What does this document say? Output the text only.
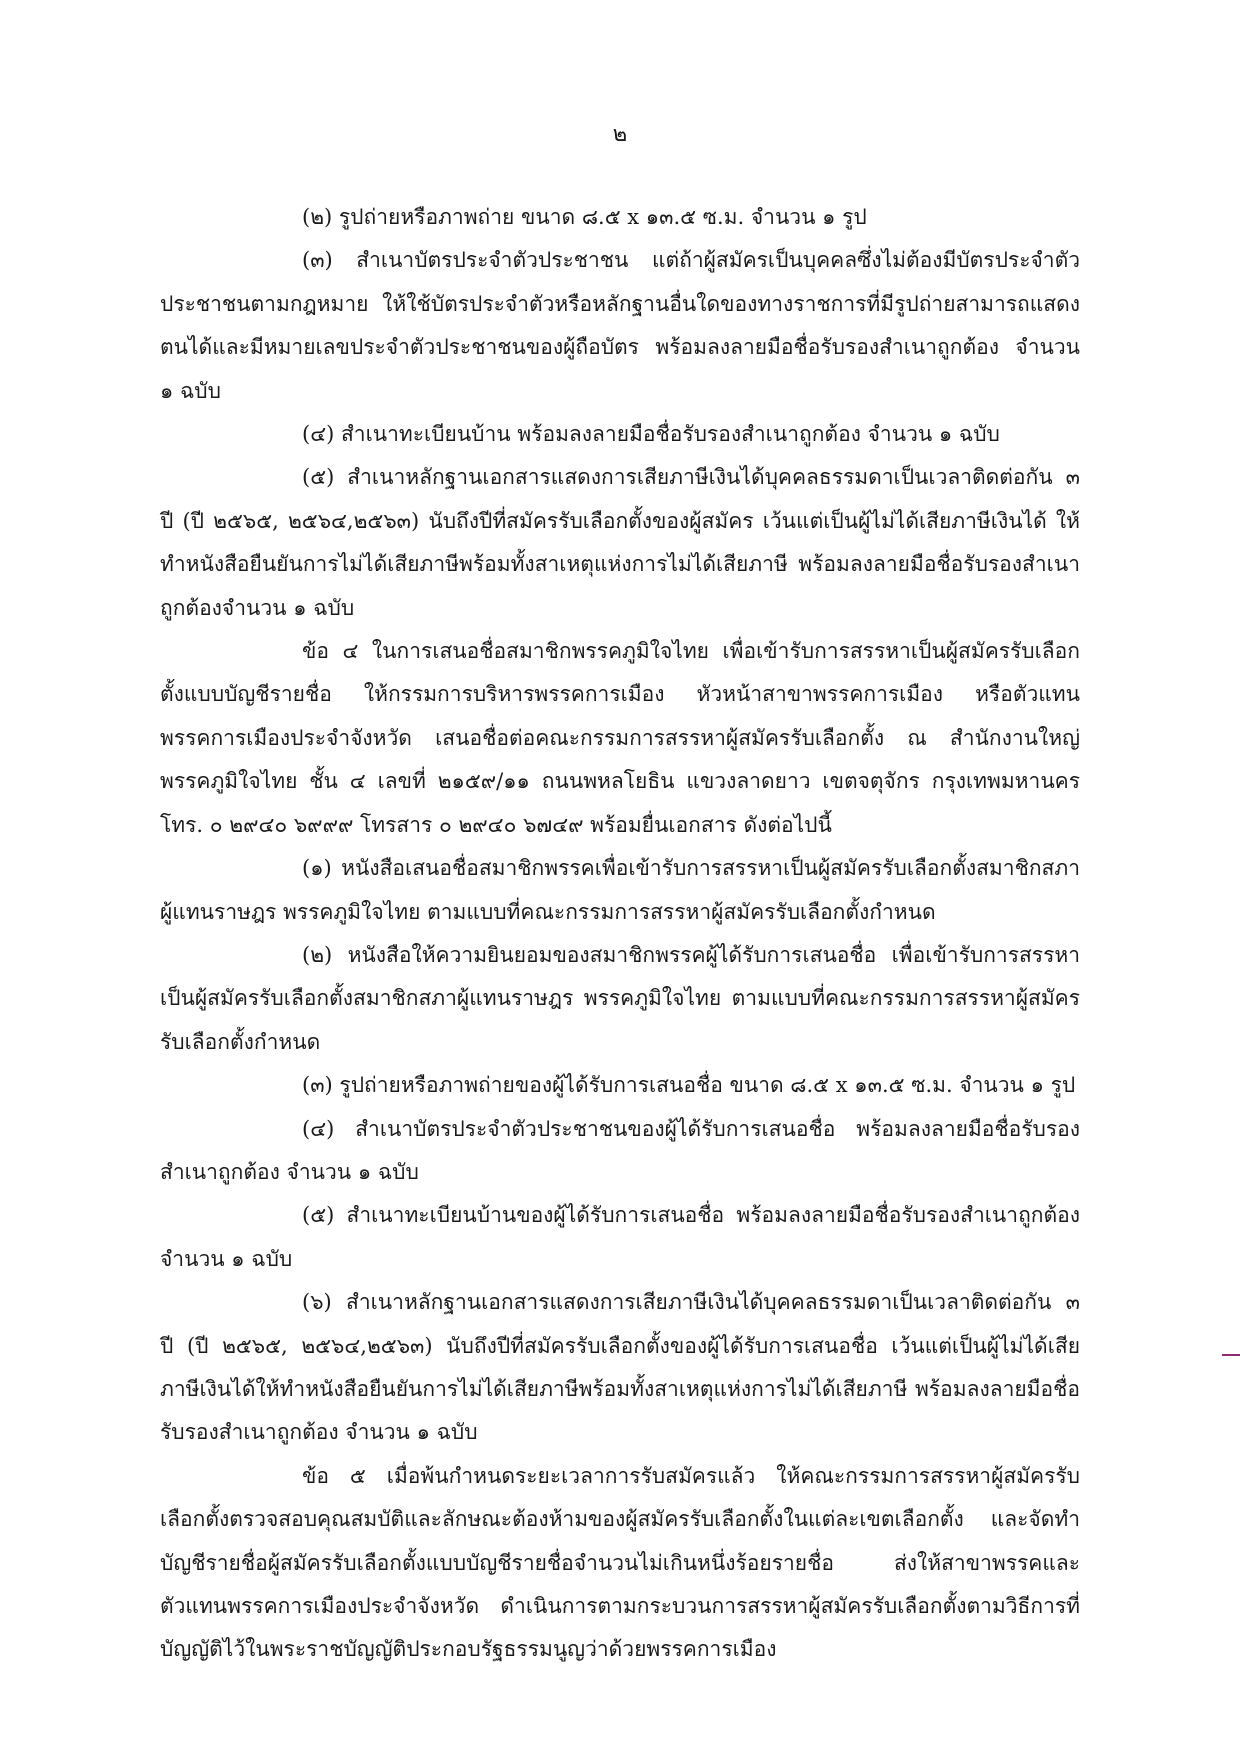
๒

(๒) รูปถ่ายหรือภาพถ่าย ขนาด ๘.๕ x ๑๓.๕ ซ.ม. จำนวน ๑ รูป

(๓) สำเนาบัตรประจำตัวประชาชน แต่ถ้าผู้สมัครเป็นบุคคลซึ่งไม่ต้องมีบัตรประจำตัวประชาชนตามกฎหมาย ให้ใช้บัตรประจำตัวหรือหลักฐานอื่นใดของทางราชการที่มีรูปถ่ายสามารถแสดงตนได้และมีหมายเลขประจำตัวประชาชนของผู้ถือบัตร พร้อมลงลายมือชื่อรับรองสำเนาถูกต้อง จำนวน ๑ ฉบับ

(๔) สำเนาทะเบียนบ้าน พร้อมลงลายมือชื่อรับรองสำเนาถูกต้อง จำนวน ๑ ฉบับ

(๕) สำเนาหลักฐานเอกสารแสดงการเสียภาษีเงินได้บุคคลธรรมดาเป็นเวลาติดต่อกัน ๓ ปี (ปี ๒๕๖๕, ๒๕๖๔,๒๕๖๓) นับถึงปีที่สมัครรับเลือกตั้งของผู้สมัคร เว้นแต่เป็นผู้ไม่ได้เสียภาษีเงินได้ ให้ทำหนังสือยืนยันการไม่ได้เสียภาษีพร้อมทั้งสาเหตุแห่งการไม่ได้เสียภาษี พร้อมลงลายมือชื่อรับรองสำเนาถูกต้องจำนวน ๑ ฉบับ

ข้อ ๔ ในการเสนอชื่อสมาชิกพรรคภูมิใจไทย เพื่อเข้ารับการสรรหาเป็นผู้สมัครรับเลือกตั้งแบบบัญชีรายชื่อ ให้กรรมการบริหารพรรคการเมือง หัวหน้าสาขาพรรคการเมือง หรือตัวแทนพรรคการเมืองประจำจังหวัด เสนอชื่อต่อคณะกรรมการสรรหาผู้สมัครรับเลือกตั้ง ณ สำนักงานใหญ่พรรคภูมิใจไทย ชั้น ๔ เลขที่ ๒๑๕๙/๑๑ ถนนพหลโยธิน แขวงลาดยาว เขตจตุจักร กรุงเทพมหานคร โทร. ๐ ๒๙๔๐ ๖๙๙๙ โทรสาร ๐ ๒๙๔๐ ๖๗๔๙ พร้อมยื่นเอกสาร ดังต่อไปนี้

(๑) หนังสือเสนอชื่อสมาชิกพรรคเพื่อเข้ารับการสรรหาเป็นผู้สมัครรับเลือกตั้งสมาชิกสภาผู้แทนราษฎร พรรคภูมิใจไทย ตามแบบที่คณะกรรมการสรรหาผู้สมัครรับเลือกตั้งกำหนด

(๒) หนังสือให้ความยินยอมของสมาชิกพรรคผู้ได้รับการเสนอชื่อ เพื่อเข้ารับการสรรหาเป็นผู้สมัครรับเลือกตั้งสมาชิกสภาผู้แทนราษฎร พรรคภูมิใจไทย ตามแบบที่คณะกรรมการสรรหาผู้สมัครรับเลือกตั้งกำหนด

(๓) รูปถ่ายหรือภาพถ่ายของผู้ได้รับการเสนอชื่อ ขนาด ๘.๕ x ๑๓.๕ ซ.ม. จำนวน ๑ รูป

(๔) สำเนาบัตรประจำตัวประชาชนของผู้ได้รับการเสนอชื่อ พร้อมลงลายมือชื่อรับรองสำเนาถูกต้อง จำนวน ๑ ฉบับ

(๕) สำเนาทะเบียนบ้านของผู้ได้รับการเสนอชื่อ พร้อมลงลายมือชื่อรับรองสำเนาถูกต้องจำนวน ๑ ฉบับ

(๖) สำเนาหลักฐานเอกสารแสดงการเสียภาษีเงินได้บุคคลธรรมดาเป็นเวลาติดต่อกัน ๓ ปี (ปี ๒๕๖๕, ๒๕๖๔,๒๕๖๓) นับถึงปีที่สมัครรับเลือกตั้งของผู้ได้รับการเสนอชื่อ เว้นแต่เป็นผู้ไม่ได้เสียภาษีเงินได้ให้ทำหนังสือยืนยันการไม่ได้เสียภาษีพร้อมทั้งสาเหตุแห่งการไม่ได้เสียภาษี พร้อมลงลายมือชื่อรับรองสำเนาถูกต้อง จำนวน ๑ ฉบับ

ข้อ ๕ เมื่อพ้นกำหนดระยะเวลาการรับสมัครแล้ว ให้คณะกรรมการสรรหาผู้สมัครรับเลือกตั้งตรวจสอบคุณสมบัติและลักษณะต้องห้ามของผู้สมัครรับเลือกตั้งในแต่ละเขตเลือกตั้ง และจัดทำบัญชีรายชื่อผู้สมัครรับเลือกตั้งแบบบัญชีรายชื่อจำนวนไม่เกินหนึ่งร้อยรายชื่อ ส่งให้สาขาพรรคและตัวแทนพรรคการเมืองประจำจังหวัด ดำเนินการตามกระบวนการสรรหาผู้สมัครรับเลือกตั้งตามวิธีการที่บัญญัติไว้ในพระราชบัญญัติประกอบรัฐธรรมนูญว่าด้วยพรรคการเมือง
